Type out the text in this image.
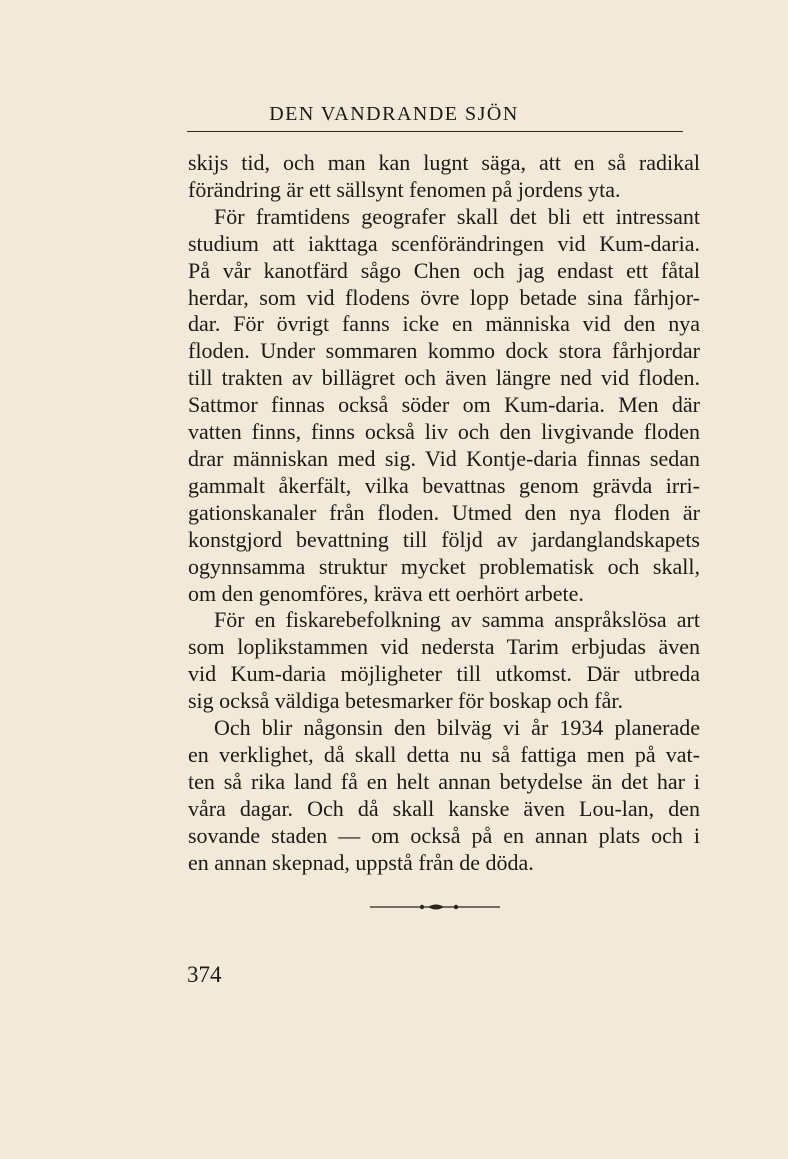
DEN VANDRANDE SJÖN
skijs tid, och man kan lugnt säga, att en så radikal
förändring är ett sällsynt fenomen på jordens yta.
För framtidens geografer skall det bli ett intressant
studium att iakttaga scenförändringen vid Kum-daria.
På vår kanotfärd sågo Chen och jag endast ett fåtal
herdar, som vid flodens övre lopp betade sina fårhjor-
dar. För övrigt fanns icke en människa vid den nya
floden. Under sommaren kommo dock stora fårhjordar
till trakten av billägret och även längre ned vid floden.
Sattmor finnas också söder om Kum-daria. Men där
vatten finns, finns också liv och den livgivande floden
drar människan med sig. Vid Kontje-daria finnas sedan
gammalt åkerfält, vilka bevattnas genom grävda irri-
gationskanaler från floden. Utmed den nya floden är
konstgjord bevattning till följd av jardanglandskapets
ogynnsamma struktur mycket problematisk och skall,
om den genomföres, kräva ett oerhört arbete.
För en fiskarebefolkning av samma anspråkslösa art
som loplikstammen vid nedersta Tarim erbjudas även
vid Kum-daria möjligheter till utkomst. Där utbreda
sig också väldiga betesmarker för boskap och får.
Och blir någonsin den bilväg vi år 1934 planerade
en verklighet, då skall detta nu så fattiga men på vat-
ten så rika land få en helt annan betydelse än det har i
våra dagar. Och då skall kanske även Lou-lan, den
sovande staden — om också på en annan plats och i
en annan skepnad, uppstå från de döda.
374
